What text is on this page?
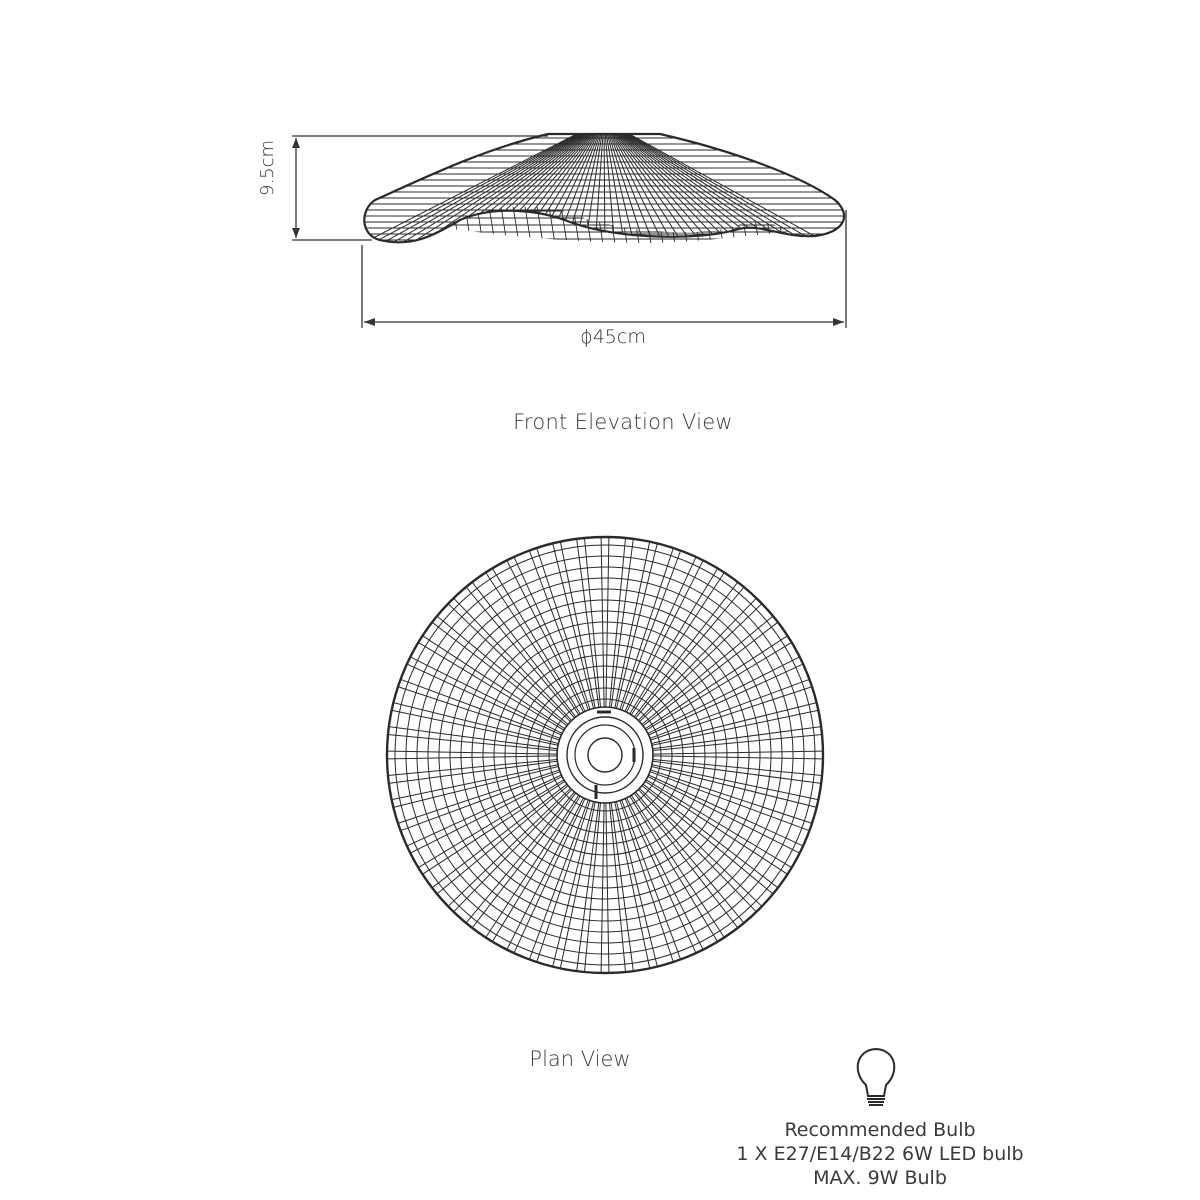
9.5cm
ϕ45cm
Front Elevation View
Plan View
Recommended Bulb
1 X E27/E14/B22 6W LED bulb
MAX. 9W Bulb
